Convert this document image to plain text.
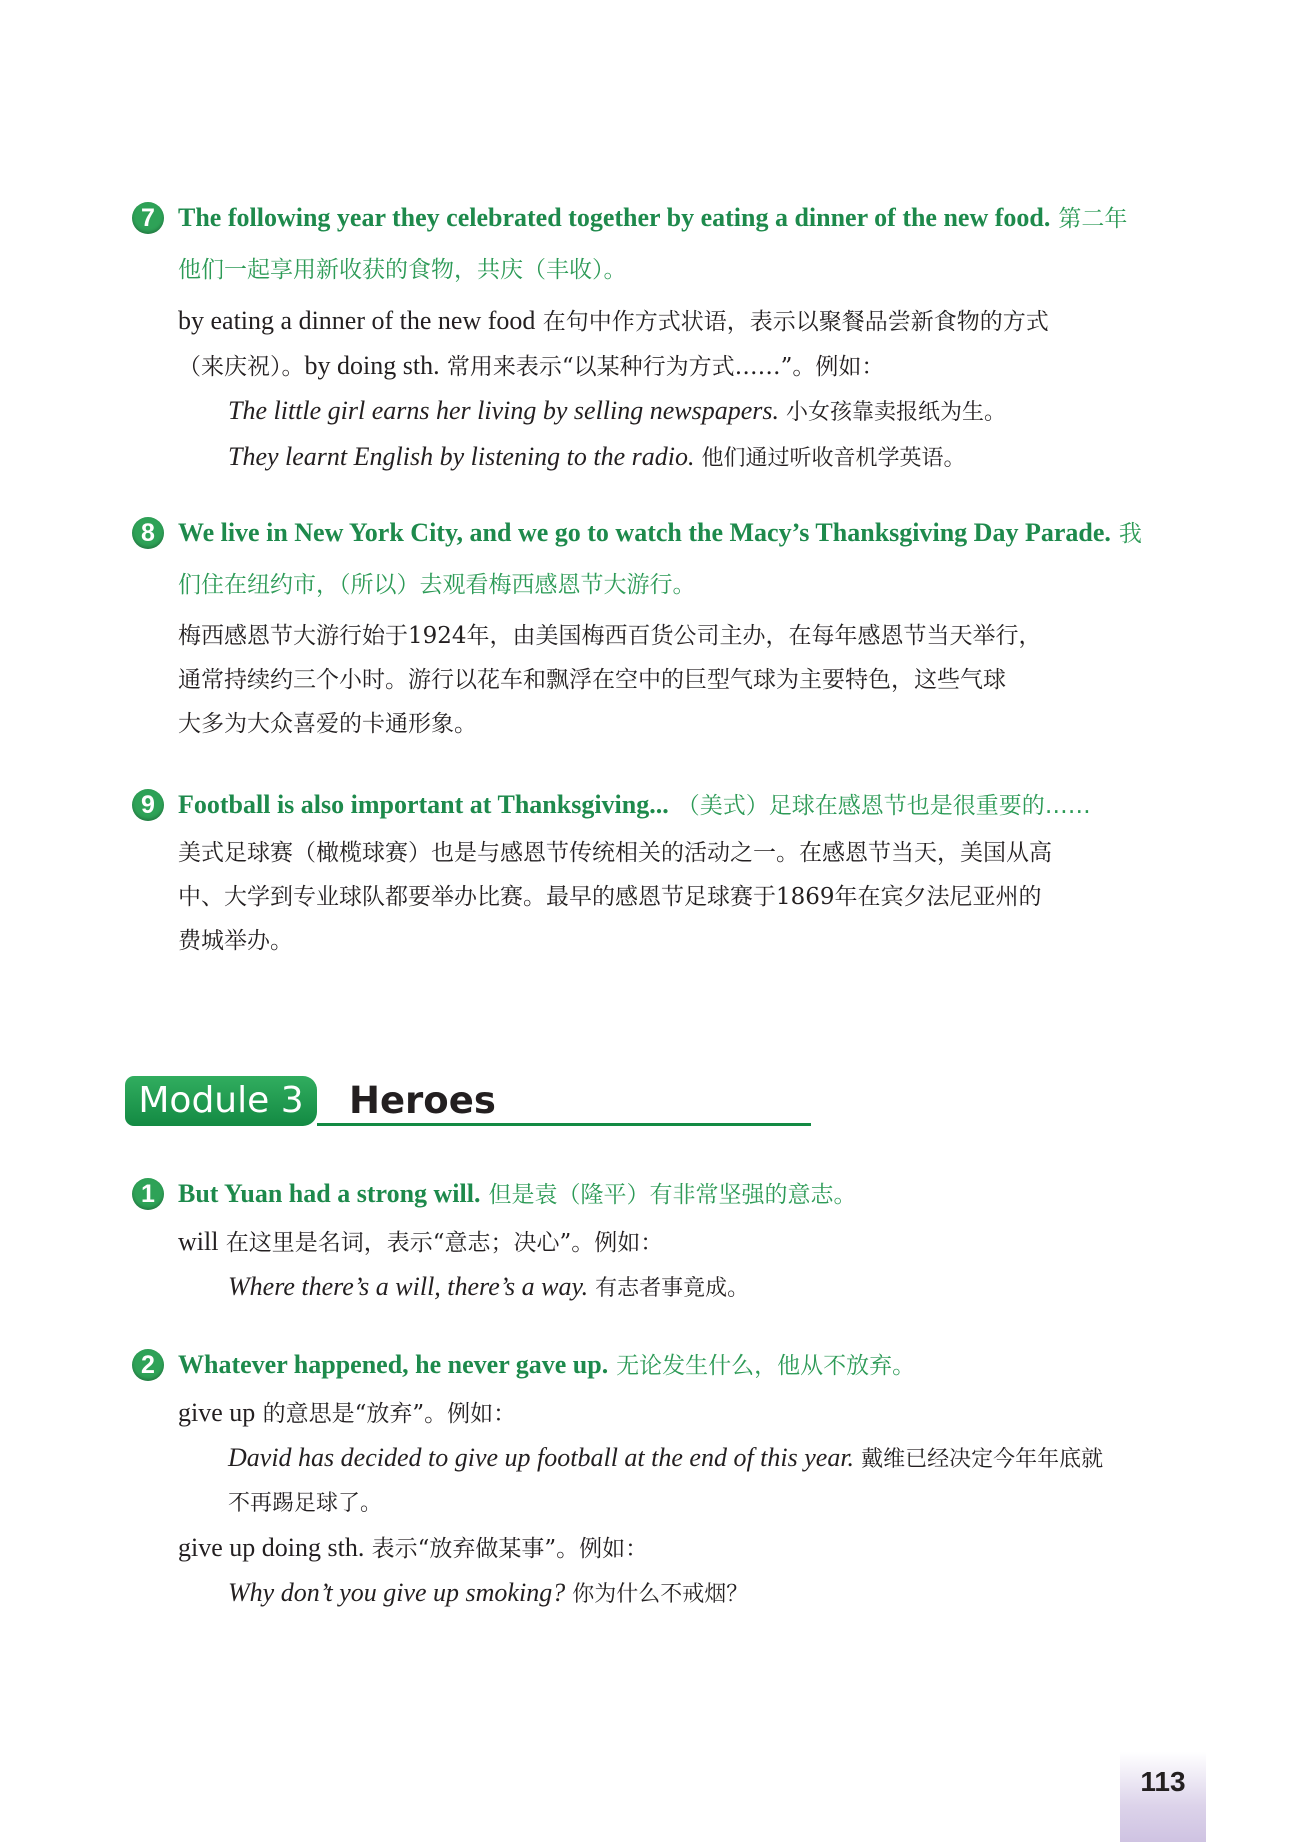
7 The following year they celebrated together by eating a dinner of the new food. 第二年
他们一起享用新收获的食物，共庆（丰收）。
by eating a dinner of the new food 在句中作方式状语，表示以聚餐品尝新食物的方式
（来庆祝）。by doing sth. 常用来表示“以某种行为方式……”。例如：
The little girl earns her living by selling newspapers. 小女孩靠卖报纸为生。
They learnt English by listening to the radio. 他们通过听收音机学英语。
8 We live in New York City, and we go to watch the Macy’s Thanksgiving Day Parade. 我
们住在纽约市，（所以）去观看梅西感恩节大游行。
梅西感恩节大游行始于1924年，由美国梅西百货公司主办，在每年感恩节当天举行，
通常持续约三个小时。游行以花车和飘浮在空中的巨型气球为主要特色，这些气球
大多为大众喜爱的卡通形象。
9 Football is also important at Thanksgiving... （美式）足球在感恩节也是很重要的……
美式足球赛（橄榄球赛）也是与感恩节传统相关的活动之一。在感恩节当天，美国从高
中、大学到专业球队都要举办比赛。最早的感恩节足球赛于1869年在宾夕法尼亚州的
费城举办。
Module 3	Heroes
1 But Yuan had a strong will. 但是袁（隆平）有非常坚强的意志。
will 在这里是名词，表示“意志；决心”。例如：
Where there’s a will, there’s a way. 有志者事竟成。
2 Whatever happened, he never gave up. 无论发生什么，他从不放弃。
give up 的意思是“放弃”。例如：
David has decided to give up football at the end of this year. 戴维已经决定今年年底就
不再踢足球了。
give up doing sth. 表示“放弃做某事”。例如：
Why don’t you give up smoking? 你为什么不戒烟？
113
